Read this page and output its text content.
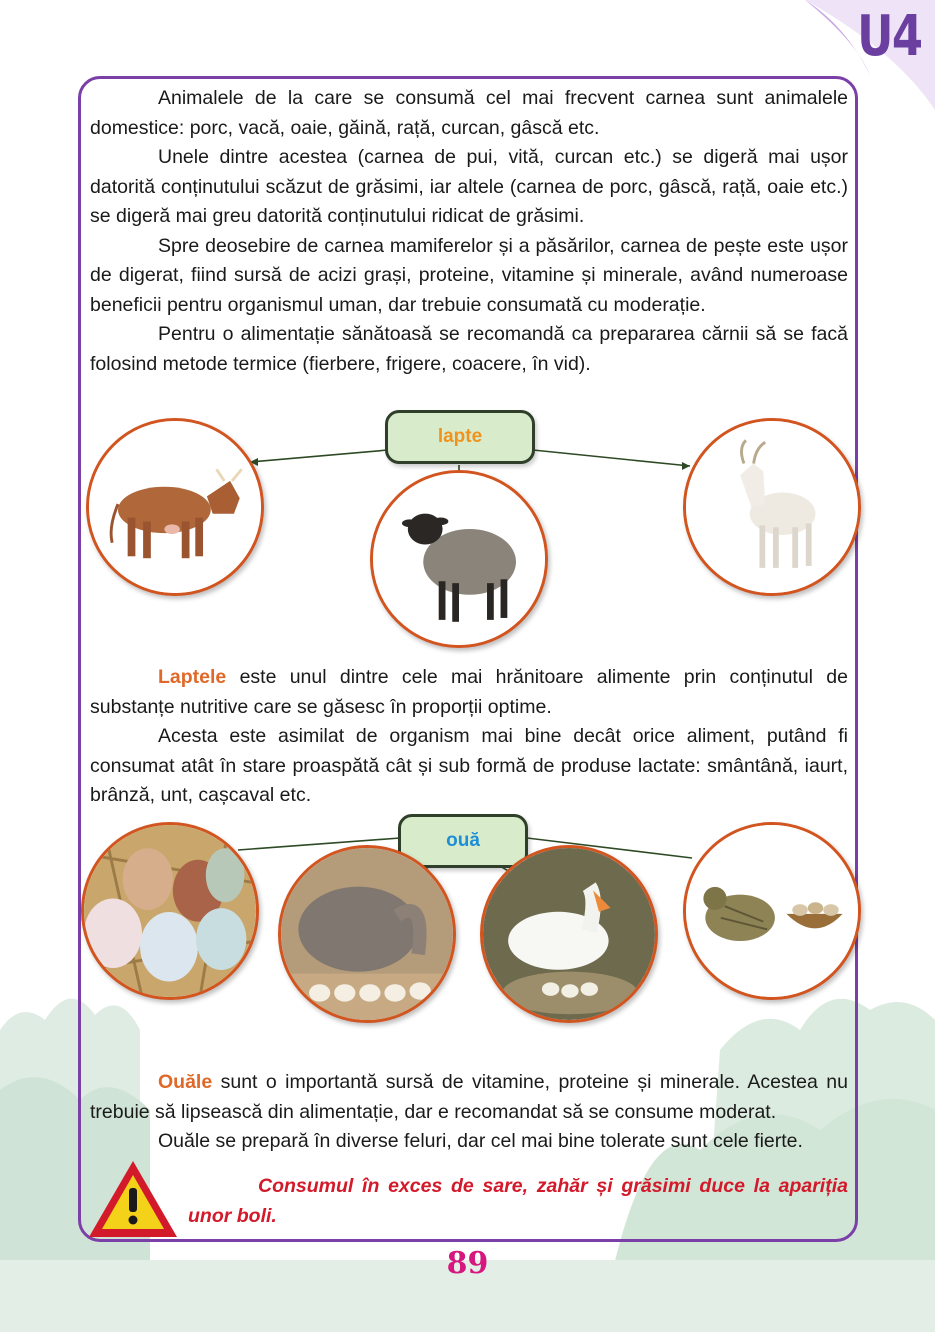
U4

Animalele de la care se consumă cel mai frecvent carnea sunt animalele domestice: porc, vacă, oaie, găină, rață, curcan, gâscă etc.

Unele dintre acestea (carnea de pui, vită, curcan etc.) se digeră mai ușor datorită conținutului scăzut de grăsimi, iar altele (carnea de porc, gâscă, rață, oaie etc.) se digeră mai greu datorită conținutului ridicat de grăsimi.

Spre deosebire de carnea mamiferelor și a păsărilor, carnea de pește este ușor de digerat, fiind sursă de acizi grași, proteine, vitamine și minerale, având numeroase beneficii pentru organismul uman, dar trebuie consumată cu moderație.

Pentru o alimentație sănătoasă se recomandă ca prepararea cărnii să se facă folosind metode termice (fierbere, frigere, coacere, în vid).

lapte

Laptele este unul dintre cele mai hrănitoare alimente prin conținutul de substanțe nutritive care se găsesc în proporții optime.

Acesta este asimilat de organism mai bine decât orice aliment, putând fi consumat atât în stare proaspătă cât și sub formă de produse lactate: smântână, iaurt, brânză, unt, cașcaval etc.

ouă

Ouăle sunt o importantă sursă de vitamine, proteine și minerale. Acestea nu trebuie să lipsească din alimentație, dar e recomandat să se consume moderat.

Ouăle se prepară în diverse feluri, dar cel mai bine tolerate sunt cele fierte.

Consumul în exces de sare, zahăr și grăsimi duce la apariția unor boli.
89
